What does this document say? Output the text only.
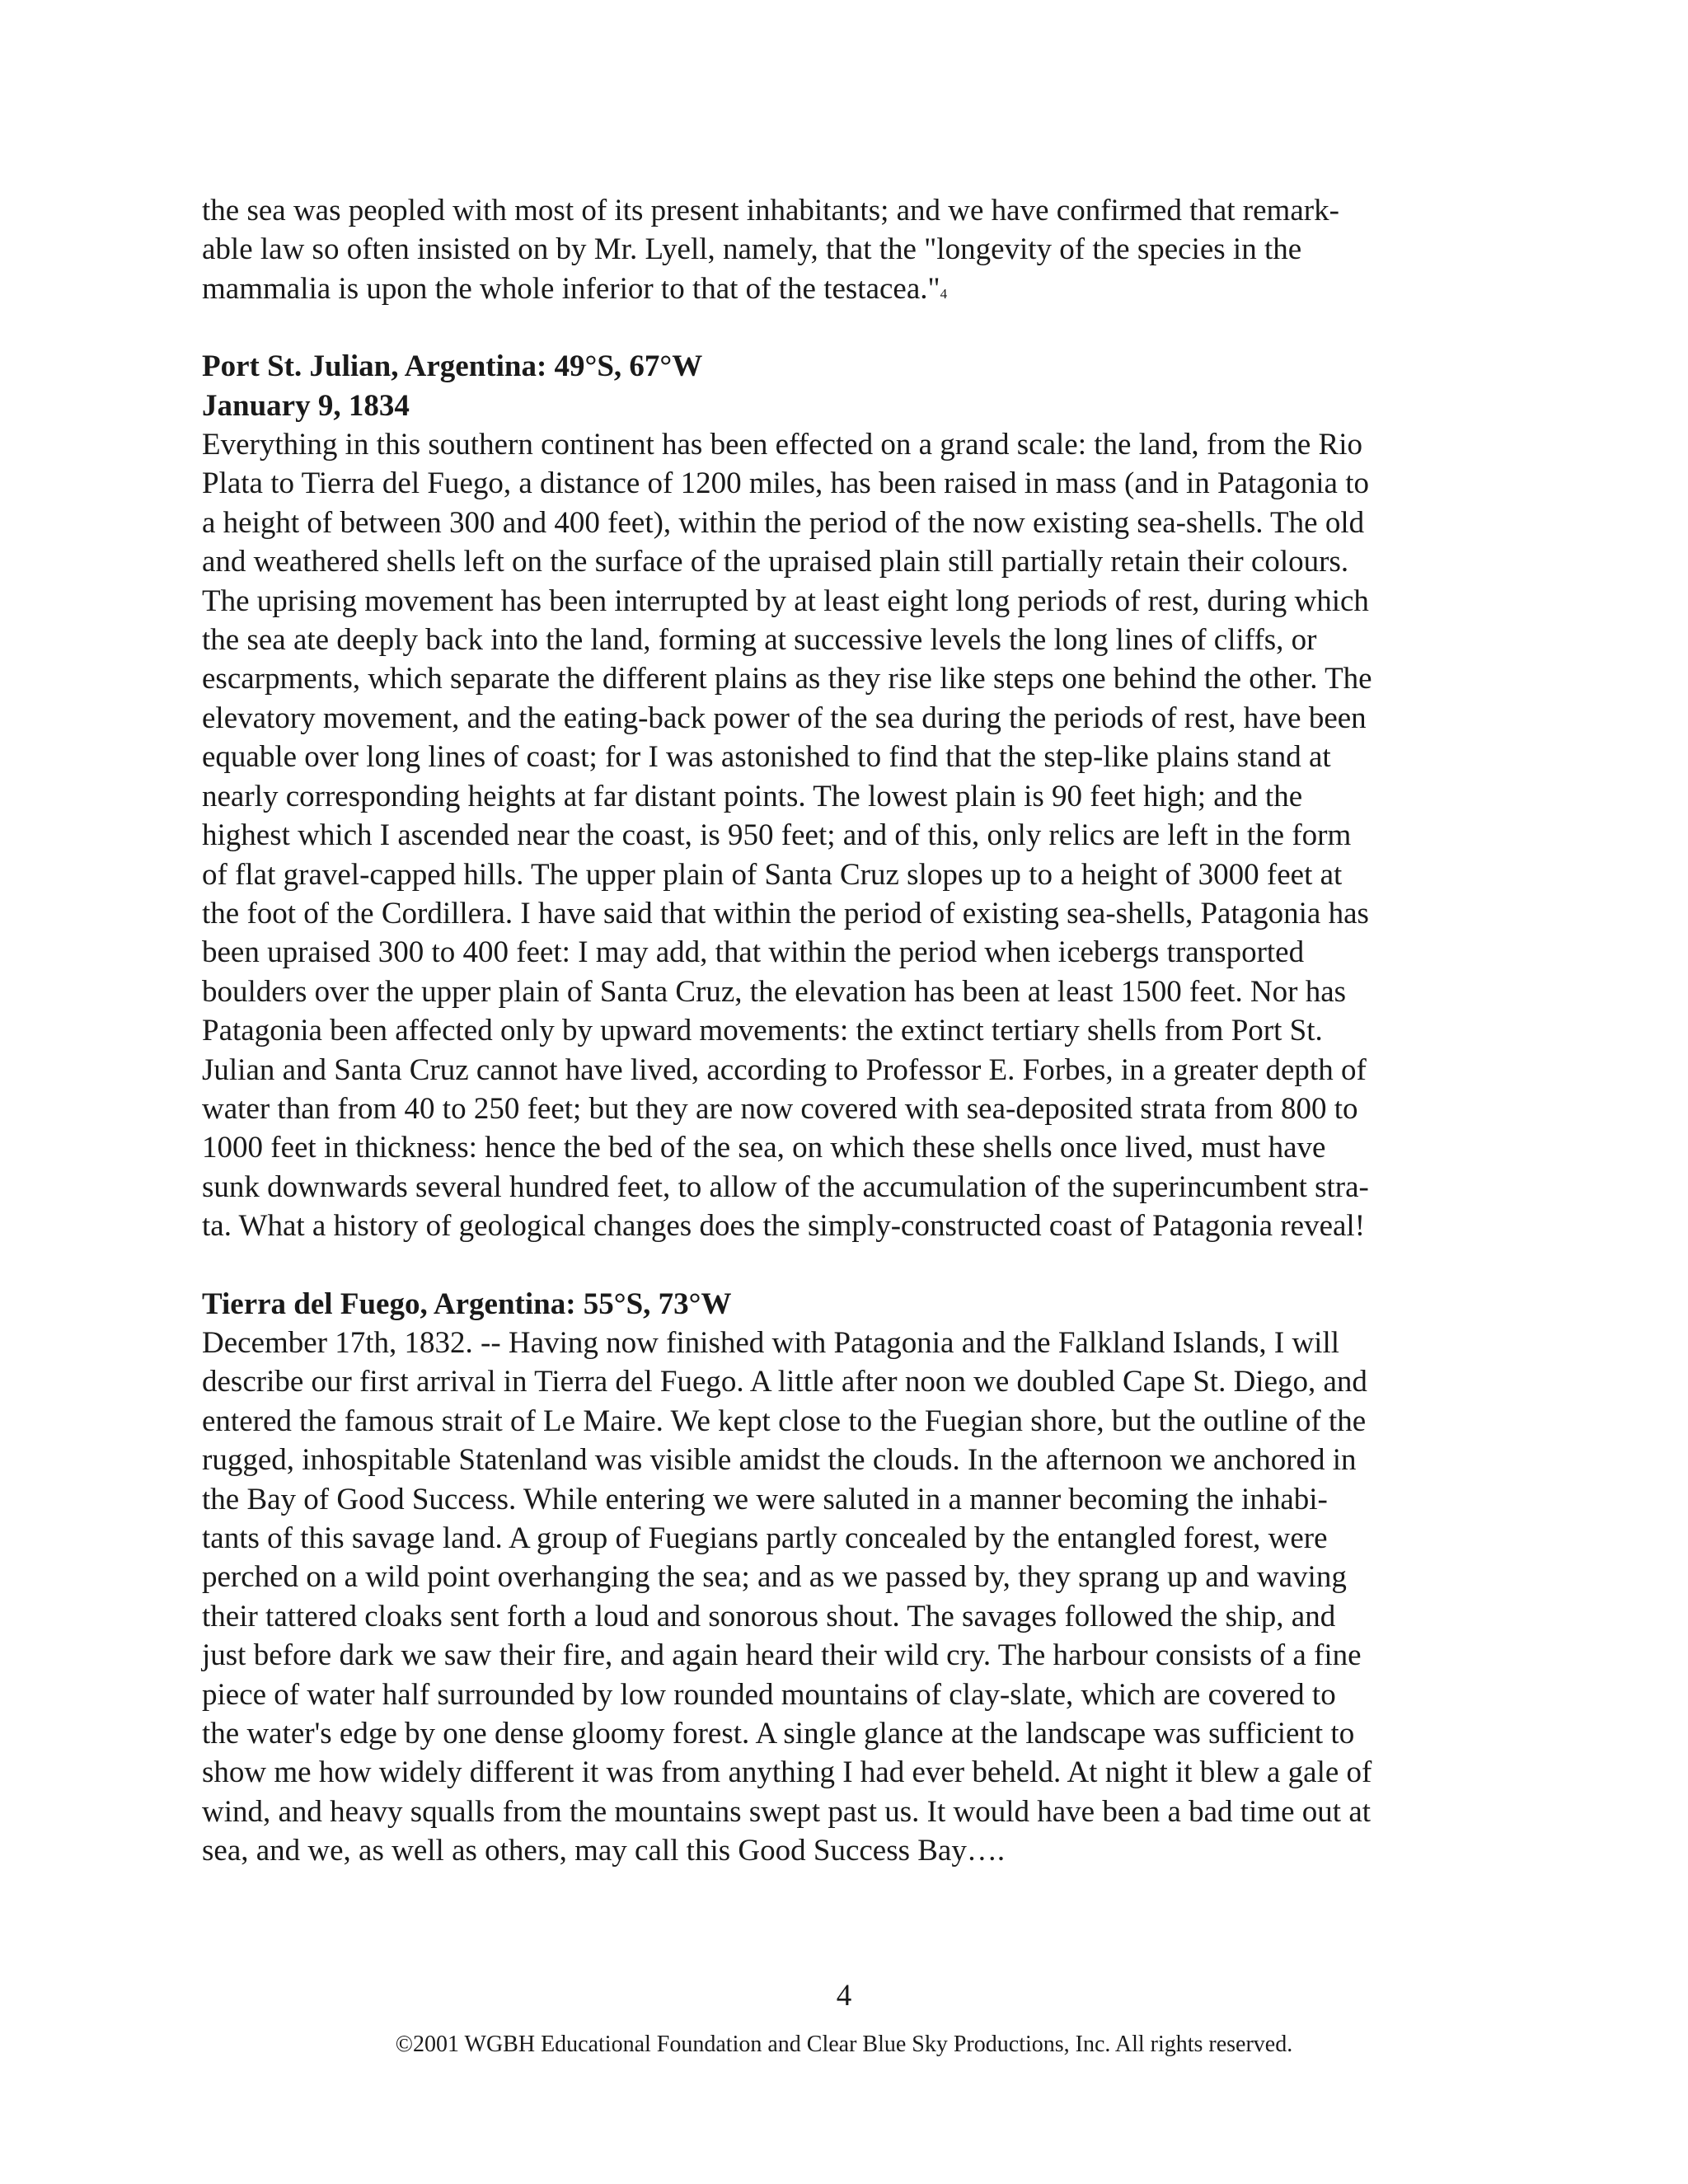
the sea was peopled with most of its present inhabitants; and we have confirmed that remark-
able law so often insisted on by Mr. Lyell, namely, that the "longevity of the species in the
mammalia is upon the whole inferior to that of the testacea."$^4$

Port St. Julian, Argentina: 49°S, 67°W
January 9, 1834

Everything in this southern continent has been effected on a grand scale: the land, from the Rio
Plata to Tierra del Fuego, a distance of 1200 miles, has been raised in mass (and in Patagonia to
a height of between 300 and 400 feet), within the period of the now existing sea-shells. The old
and weathered shells left on the surface of the upraised plain still partially retain their colours.
The uprising movement has been interrupted by at least eight long periods of rest, during which
the sea ate deeply back into the land, forming at successive levels the long lines of cliffs, or
escarpments, which separate the different plains as they rise like steps one behind the other. The
elevatory movement, and the eating-back power of the sea during the periods of rest, have been
equable over long lines of coast; for I was astonished to find that the step-like plains stand at
nearly corresponding heights at far distant points. The lowest plain is 90 feet high; and the
highest which I ascended near the coast, is 950 feet; and of this, only relics are left in the form
of flat gravel-capped hills. The upper plain of Santa Cruz slopes up to a height of 3000 feet at
the foot of the Cordillera. I have said that within the period of existing sea-shells, Patagonia has
been upraised 300 to 400 feet: I may add, that within the period when icebergs transported
boulders over the upper plain of Santa Cruz, the elevation has been at least 1500 feet. Nor has
Patagonia been affected only by upward movements: the extinct tertiary shells from Port St.
Julian and Santa Cruz cannot have lived, according to Professor E. Forbes, in a greater depth of
water than from 40 to 250 feet; but they are now covered with sea-deposited strata from 800 to
1000 feet in thickness: hence the bed of the sea, on which these shells once lived, must have
sunk downwards several hundred feet, to allow of the accumulation of the superincumbent stra-
ta. What a history of geological changes does the simply-constructed coast of Patagonia reveal!

Tierra del Fuego, Argentina: 55°S, 73°W

December 17th, 1832. -- Having now finished with Patagonia and the Falkland Islands, I will
describe our first arrival in Tierra del Fuego. A little after noon we doubled Cape St. Diego, and
entered the famous strait of Le Maire. We kept close to the Fuegian shore, but the outline of the
rugged, inhospitable Statenland was visible amidst the clouds. In the afternoon we anchored in
the Bay of Good Success. While entering we were saluted in a manner becoming the inhabi-
tants of this savage land. A group of Fuegians partly concealed by the entangled forest, were
perched on a wild point overhanging the sea; and as we passed by, they sprang up and waving
their tattered cloaks sent forth a loud and sonorous shout. The savages followed the ship, and
just before dark we saw their fire, and again heard their wild cry. The harbour consists of a fine
piece of water half surrounded by low rounded mountains of clay-slate, which are covered to
the water's edge by one dense gloomy forest. A single glance at the landscape was sufficient to
show me how widely different it was from anything I had ever beheld. At night it blew a gale of
wind, and heavy squalls from the mountains swept past us. It would have been a bad time out at
sea, and we, as well as others, may call this Good Success Bay….

4
©2001 WGBH Educational Foundation and Clear Blue Sky Productions, Inc. All rights reserved.
